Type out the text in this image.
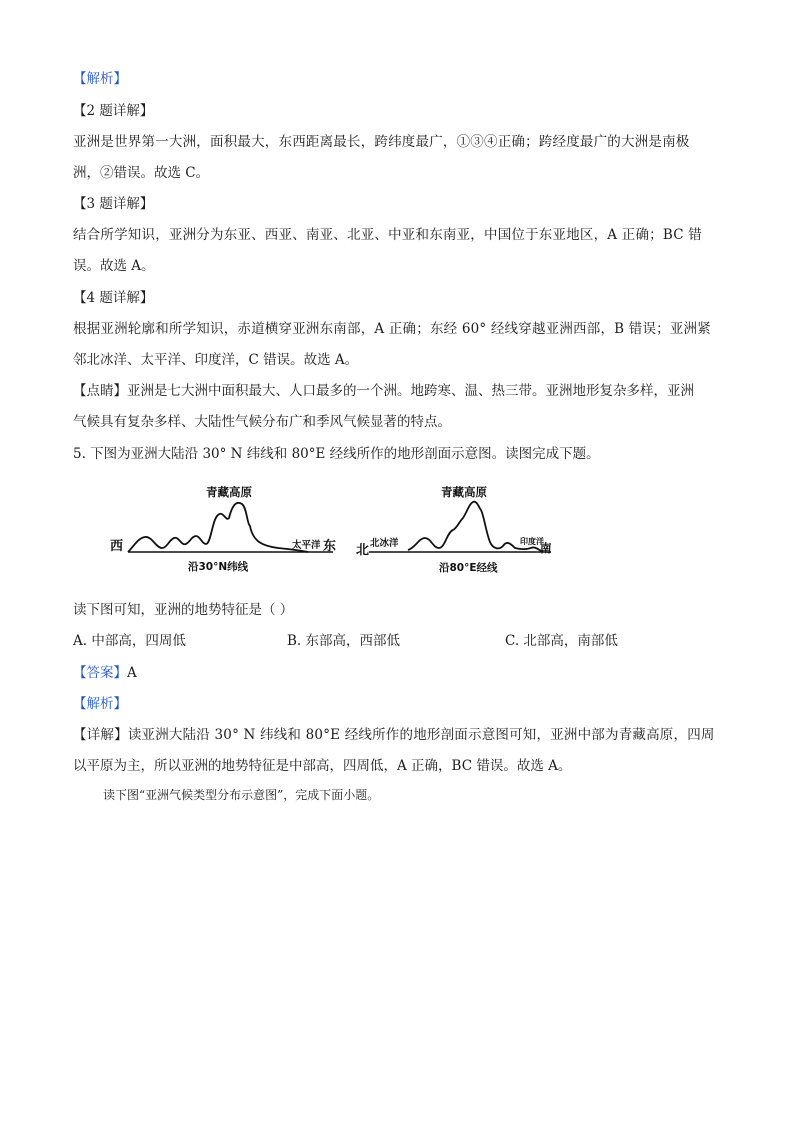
【解析】
【2 题详解】
亚洲是世界第一大洲，面积最大，东西距离最长，跨纬度最广，①③④正确；跨经度最广的大洲是南极
洲，②错误。故选 C。
【3 题详解】
结合所学知识，亚洲分为东亚、西亚、南亚、北亚、中亚和东南亚，中国位于东亚地区，A 正确；BC 错
误。故选 A。
【4 题详解】
根据亚洲轮廓和所学知识，赤道横穿亚洲东南部，A 正确；东经 60° 经线穿越亚洲西部，B 错误；亚洲紧
邻北冰洋、太平洋、印度洋，C 错误。故选 A。
【点睛】亚洲是七大洲中面积最大、人口最多的一个洲。地跨寒、温、热三带。亚洲地形复杂多样，亚洲
气候具有复杂多样、大陆性气候分布广和季风气候显著的特点。
5. 下图为亚洲大陆沿 30° N 纬线和 80°E 经线所作的地形剖面示意图。读图完成下题。
青藏高原
西	太平洋 东
沿30°N纬线
青藏高原
北 北冰洋	印度洋
南
沿80°E经线
读下图可知，亚洲的地势特征是（ ）
A. 中部高，四周低	B. 东部高，西部低	C. 北部高，南部低
【答案】A
【解析】
【详解】读亚洲大陆沿 30° N 纬线和 80°E 经线所作的地形剖面示意图可知，亚洲中部为青藏高原，四周
以平原为主，所以亚洲的地势特征是中部高，四周低，A 正确，BC 错误。故选 A。
读下图“亚洲气候类型分布示意图”，完成下面小题。
